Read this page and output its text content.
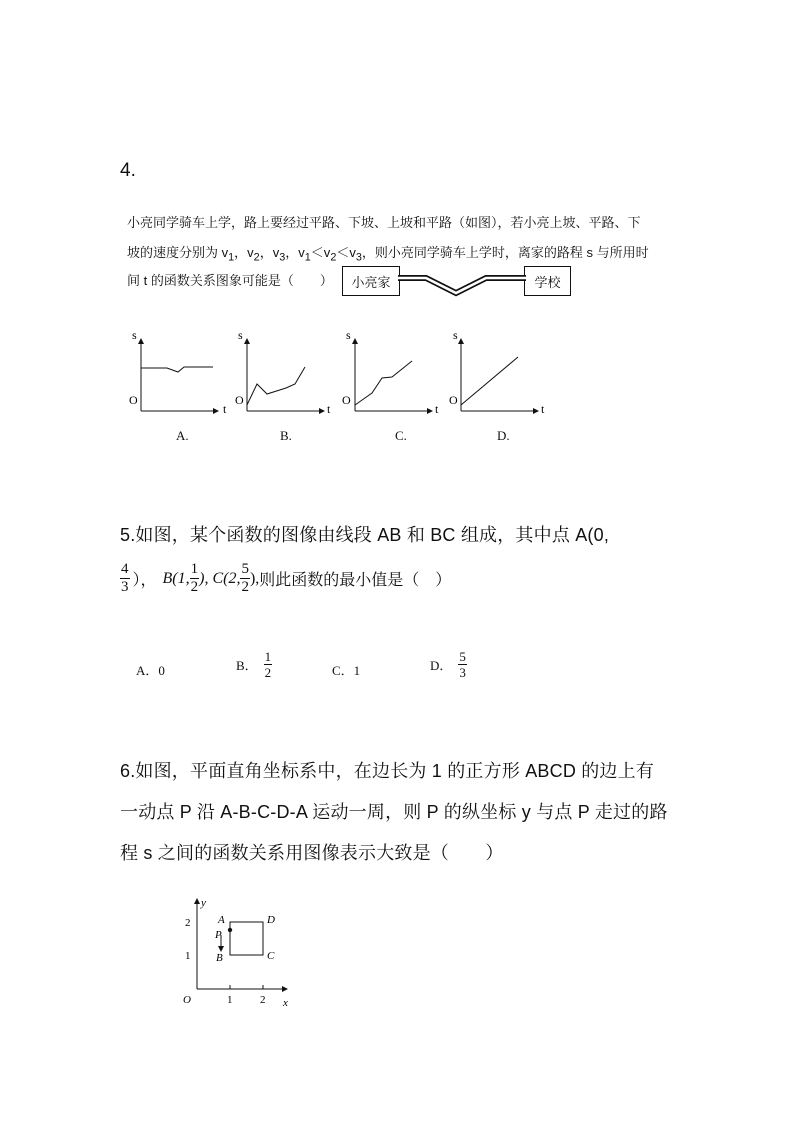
4.
小亮同学骑车上学，路上要经过平路、下坡、上坡和平路（如图），若小亮上坡、平路、下
坡的速度分别为 $v_1$，$v_2$，$v_3$，$v_1<v_2<v_3$，则小亮同学骑车上学时，离家的路程 s 与所用时
间 t 的函数关系图象可能是（　　） 小亮家	学校
s
t
O
s
t
O
s
t
O
s
t
O
A.	B.	C.	D.
5.如图，某个函数的图像由线段 AB 和 BC 组成，其中点 A(0,
$\frac{4}{3}$ ）， B(1, $\frac{1}{2}$ ), C(2, $\frac{5}{2}$ ), 则此函数的最小值是（　）
A．0	B． $\frac{1}{2}$	C．1	D． $\frac{5}{3}$
6.如图，平面直角坐标系中，在边长为 1 的正方形 ABCD 的边上有
一动点 P 沿 A-B-C-D-A 运动一周，则 P 的纵坐标 y 与点 P 走过的路
程 s 之间的函数关系用图像表示大致是（　　）
y
x
O
2
1
1	2
A
P
B	C
D
